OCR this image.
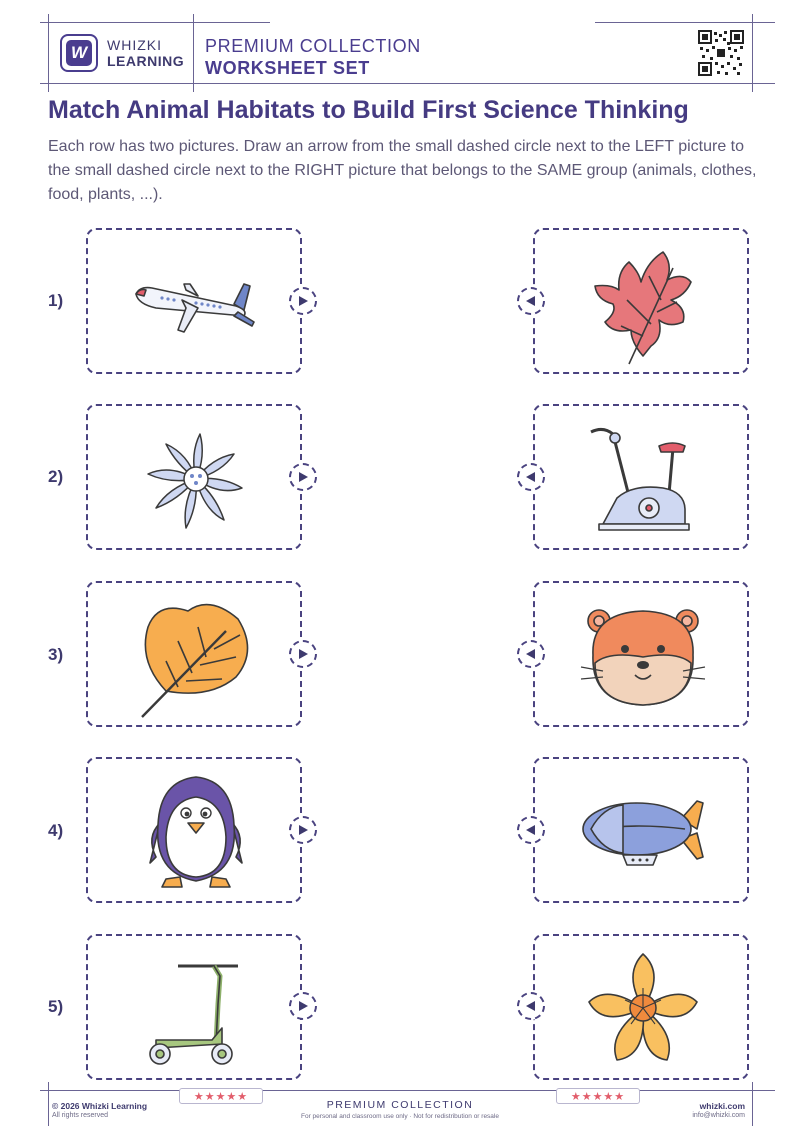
W	WHIZKI
LEARNING
PREMIUM COLLECTION
WORKSHEET SET
Match Animal Habitats to Build First Science Thinking
Each row has two pictures. Draw an arrow from the small dashed circle next to the LEFT picture to the small dashed circle next to the RIGHT picture that belongs to the SAME group (animals, clothes, food, plants, ...).
1)
2)
3)
4)
5)
★★★★★	★★★★★
© 2026 Whizki Learning
All rights reserved
PREMIUM COLLECTION
For personal and classroom use only · Not for redistribution or resale
whizki.com
info@whizki.com
